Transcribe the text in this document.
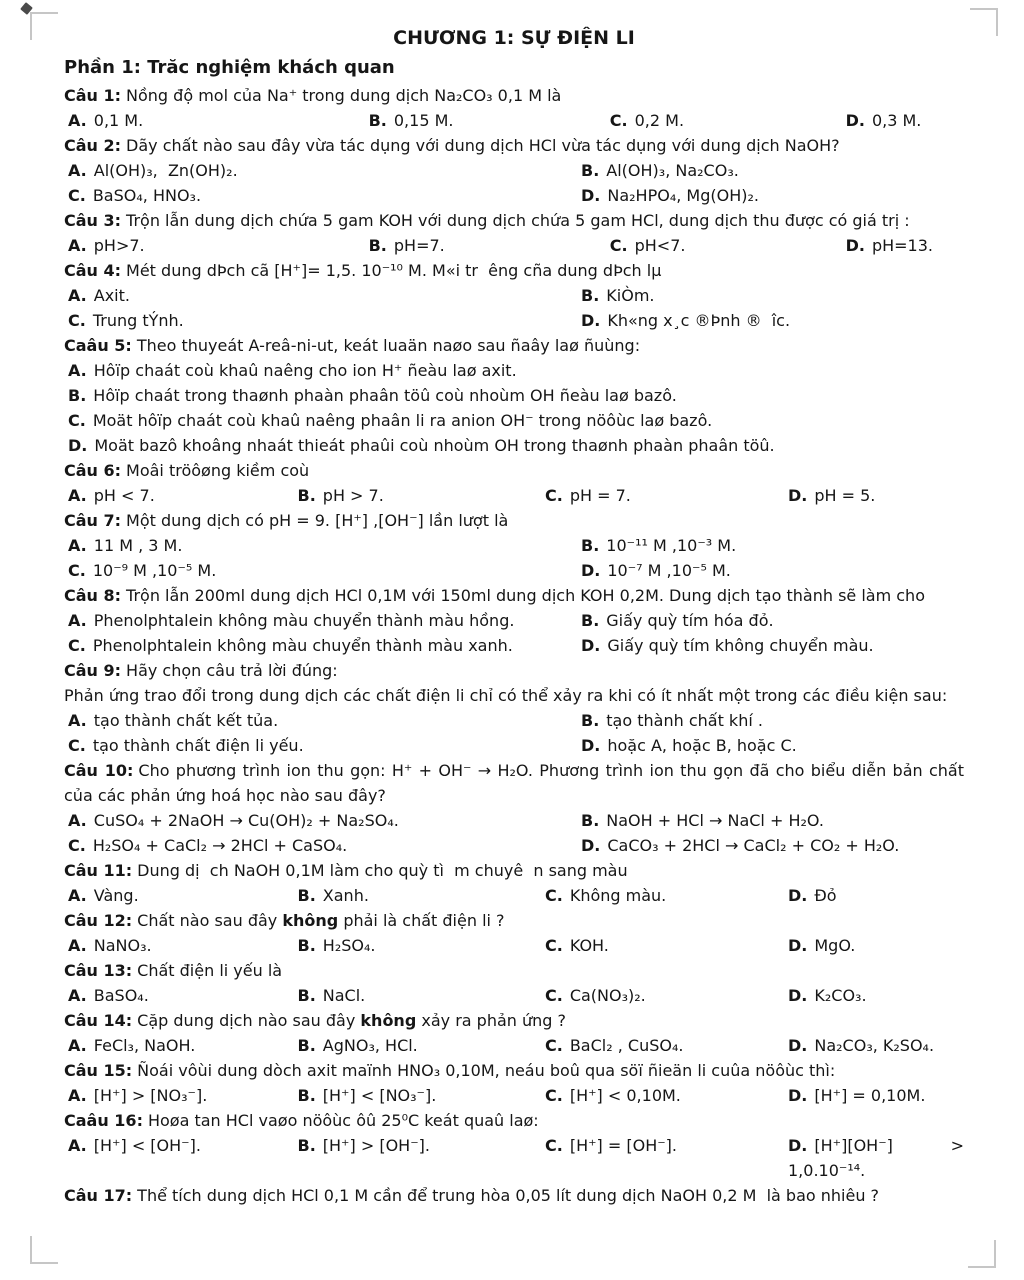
CHƯƠNG 1: SỰ ĐIỆN LI
Phần 1: Trăc nghiệm khách quan
Câu 1: Nồng độ mol của Na⁺ trong dung dịch Na₂CO₃ 0,1 M là
A. 0,1 M.	B. 0,15 M.	C. 0,2 M.	D. 0,3 M.
Câu 2: Dãy chất nào sau đây vừa tác dụng với dung dịch HCl vừa tác dụng với dung dịch NaOH?
A. Al(OH)₃,  Zn(OH)₂.	B. Al(OH)₃, Na₂CO₃.
C. BaSO₄, HNO₃.	D. Na₂HPO₄, Mg(OH)₂.
Câu 3: Trộn lẫn dung dịch chứa 5 gam KOH với dung dịch chứa 5 gam HCl, dung dịch thu được có giá trị :
A. pH>7.	B. pH=7.	C. pH<7.	D. pH=13.
Câu 4: Mét dung dÞch cã [H⁺]= 1,5. 10⁻¹⁰ M. M«i tr  êng cña dung dÞch lµ
A. Axit.	B. KiÒm.
C. Trung tÝnh.	D. Kh«ng x¸c ®Þnh ®  îc.
Caâu 5: Theo thuyeát A-reâ-ni-ut, keát luaän naøo sau ñaây laø ñuùng:
A. Hôïp chaát coù khaû naêng cho ion H⁺ ñeàu laø axit.
B. Hôïp chaát trong thaønh phaàn phaân töû coù nhoùm OH ñeàu laø bazô.
C. Moät hôïp chaát coù khaû naêng phaân li ra anion OH⁻ trong nöôùc laø bazô.
D. Moät bazô khoâng nhaát thieát phaûi coù nhoùm OH trong thaønh phaàn phaân töû.
Câu 6: Moâi tröôøng kiềm coù
A. pH < 7.	B. pH > 7.	C. pH = 7.	D. pH = 5.
Câu 7: Một dung dịch có pH = 9. [H⁺] ,[OH⁻] lần lượt là
A. 11 M , 3 M.	B. 10⁻¹¹ M ,10⁻³ M.
C. 10⁻⁹ M ,10⁻⁵ M.	D. 10⁻⁷ M ,10⁻⁵ M.
Câu 8: Trộn lẫn 200ml dung dịch HCl 0,1M với 150ml dung dịch KOH 0,2M. Dung dịch tạo thành sẽ làm cho
A. Phenolphtalein không màu chuyển thành màu hồng.	B. Giấy quỳ tím hóa đỏ.
C. Phenolphtalein không màu chuyển thành màu xanh.	D. Giấy quỳ tím không chuyển màu.
Câu 9: Hãy chọn câu trả lời đúng:
Phản ứng trao đổi trong dung dịch các chất điện li chỉ có thể xảy ra khi có ít nhất một trong các điều kiện sau:
A. tạo thành chất kết tủa.	B. tạo thành chất khí .
C. tạo thành chất điện li yếu.	D. hoặc A, hoặc B, hoặc C.
Câu 10: Cho phương trình ion thu gọn: H⁺ + OH⁻ → H₂O. Phương trình ion thu gọn đã cho biểu diễn bản chất của các phản ứng hoá học nào sau đây?
A. CuSO₄ + 2NaOH → Cu(OH)₂ + Na₂SO₄.	B. NaOH + HCl → NaCl + H₂O.
C. H₂SO₄ + CaCl₂ → 2HCl + CaSO₄.	D. CaCO₃ + 2HCl → CaCl₂ + CO₂ + H₂O.
Câu 11: Dung dị  ch NaOH 0,1M làm cho quỳ tì  m chuyê  n sang màu
A. Vàng.	B. Xanh.	C. Không màu.	D. Đỏ
Câu 12: Chất nào sau đây không phải là chất điện li ?
A. NaNO₃.	B. H₂SO₄.	C. KOH.	D. MgO.
Câu 13: Chất điện li yếu là
A. BaSO₄.	B. NaCl.	C. Ca(NO₃)₂.	D. K₂CO₃.
Câu 14: Cặp dung dịch nào sau đây không xảy ra phản ứng ?
A. FeCl₃, NaOH.	B. AgNO₃, HCl.	C. BaCl₂ , CuSO₄.	D. Na₂CO₃, K₂SO₄.
Câu 15: Ñoái vôùi dung dòch axit maïnh HNO₃ 0,10M, neáu boû qua söï ñieän li cuûa nöôùc thì:
A. [H⁺] > [NO₃⁻].	B. [H⁺] < [NO₃⁻].	C. [H⁺] < 0,10M.	D. [H⁺] = 0,10M.
Caâu 16: Hoøa tan HCl vaøo nöôùc ôû 25⁰C keát quaû laø:
A. [H⁺] < [OH⁻].	B. [H⁺] > [OH⁻].	C. [H⁺] = [OH⁻].	D. [H⁺][OH⁻] > 1,0.10⁻¹⁴.
Câu 17: Thể tích dung dịch HCl 0,1 M cần để trung hòa 0,05 lít dung dịch NaOH 0,2 M  là bao nhiêu ?
